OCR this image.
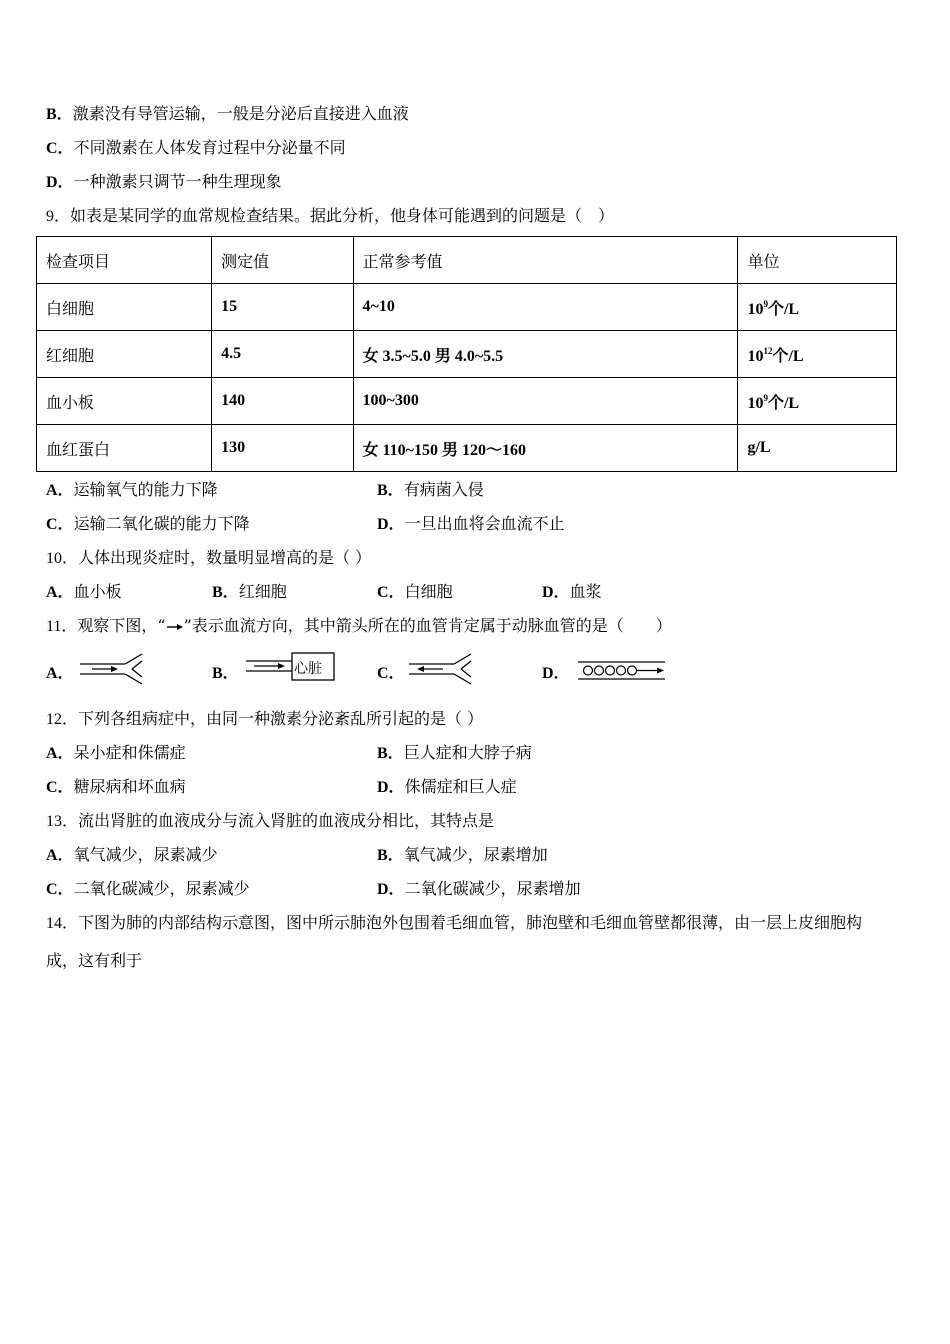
B．激素没有导管运输，一般是分泌后直接进入血液
C．不同激素在人体发育过程中分泌量不同
D．一种激素只调节一种生理现象
9．如表是某同学的血常规检查结果。据此分析，他身体可能遇到的问题是（　）
检查项目	测定值	正常参考值	单位
白细胞	15	4~10	$10^9$个/L
红细胞	4.5	女 3.5~5.0 男 4.0~5.5	$10^{12}$个/L
血小板	140	100~300	$10^9$个/L
血红蛋白	130	女 110~150 男 120～160	g/L
A．运输氧气的能力下降	B．有病菌入侵
C．运输二氧化碳的能力下降	D．一旦出血将会血流不止
10．人体出现炎症时，数量明显增高的是（ ）
A．血小板	B．红细胞	C．白细胞	D．血浆
11．观察下图，“ ”表示血流方向，其中箭头所在的血管肯定属于动脉血管的是（　　）
A．	B．	心脏	C．	D．
12．下列各组病症中，由同一种激素分泌紊乱所引起的是（ ）
A．呆小症和侏儒症	B．巨人症和大脖子病
C．糖尿病和坏血病	D．侏儒症和巨人症
13．流出肾脏的血液成分与流入肾脏的血液成分相比，其特点是
A．氧气减少，尿素减少	B．氧气减少，尿素增加
C．二氧化碳减少，尿素减少	D．二氧化碳减少，尿素增加
14．下图为肺的内部结构示意图，图中所示肺泡外包围着毛细血管，肺泡壁和毛细血管壁都很薄，由一层上皮细胞构
成，这有利于
